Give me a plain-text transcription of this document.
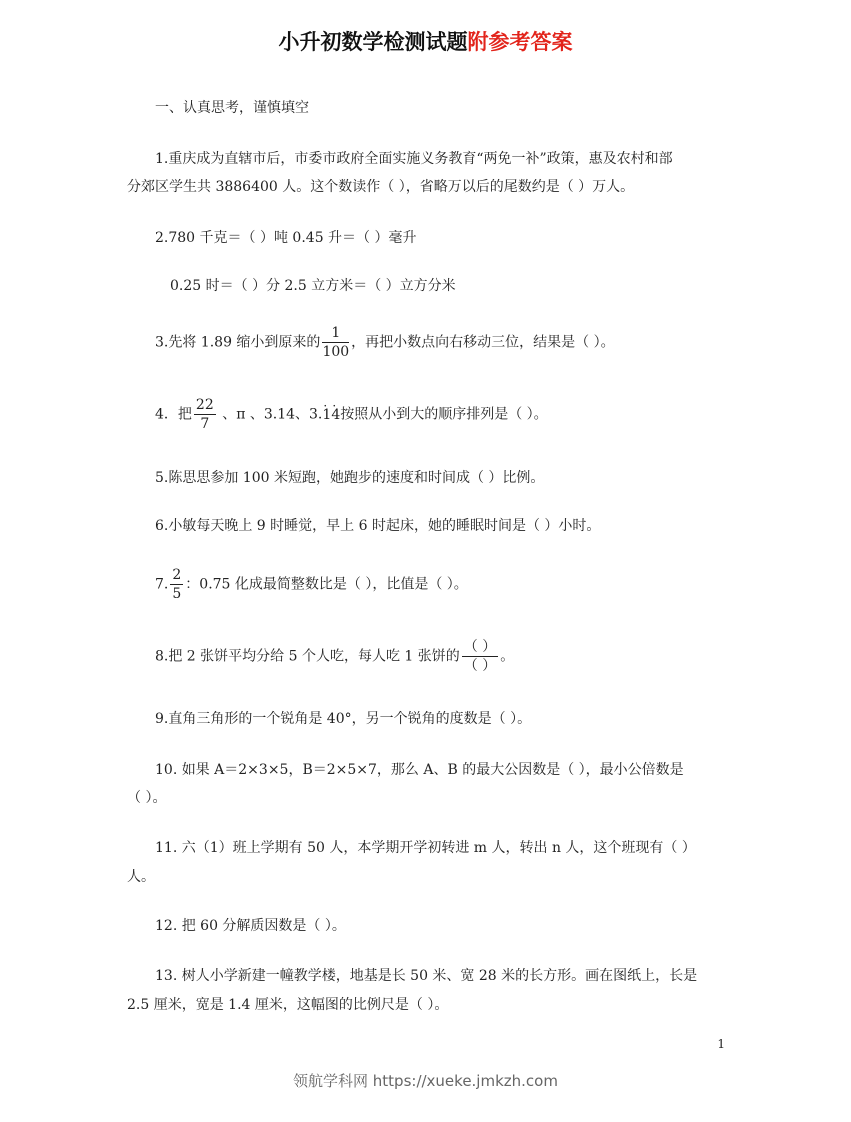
小升初数学检测试题附参考答案
一、认真思考，谨慎填空
1.重庆成为直辖市后，市委市政府全面实施义务教育“两免一补”政策，惠及农村和部
分郊区学生共 3886400 人。这个数读作（ ），省略万以后的尾数约是（ ）万人。
2.780 千克＝（ ）吨 0.45 升＝（ ）毫升
0.25 时＝（ ）分 2.5 立方米＝（ ）立方分米
3.先将 1.89 缩小到原来的 $\frac{1}{100}$ ，再把小数点向右移动三位，结果是（ ）。
4．把 $\frac{22}{7}$ 、π 、3.14、3.· 1· 4按照从小到大的顺序排列是（ ）。
5.陈思思参加 100 米短跑，她跑步的速度和时间成（ ）比例。
6.小敏每天晚上 9 时睡觉，早上 6 时起床，她的睡眠时间是（ ）小时。
7. $\frac{2}{5}$ ：0.75 化成最简整数比是（ ），比值是（ ）。
8.把 2 张饼平均分给 5 个人吃，每人吃 1 张饼的 $\frac{( )}{( )}$ 。
9.直角三角形的一个锐角是 40°，另一个锐角的度数是（ ）。
10. 如果 A＝2×3×5，B＝2×5×7，那么 A、B 的最大公因数是（ ），最小公倍数是
（ ）。
11. 六（1）班上学期有 50 人，本学期开学初转进 m 人，转出 n 人，这个班现有（ ）
人。
12. 把 60 分解质因数是（ ）。
13. 树人小学新建一幢教学楼，地基是长 50 米、宽 28 米的长方形。画在图纸上，长是
2.5 厘米，宽是 1.4 厘米，这幅图的比例尺是（ ）。
1
领航学科网 https://xueke.jmkzh.com
